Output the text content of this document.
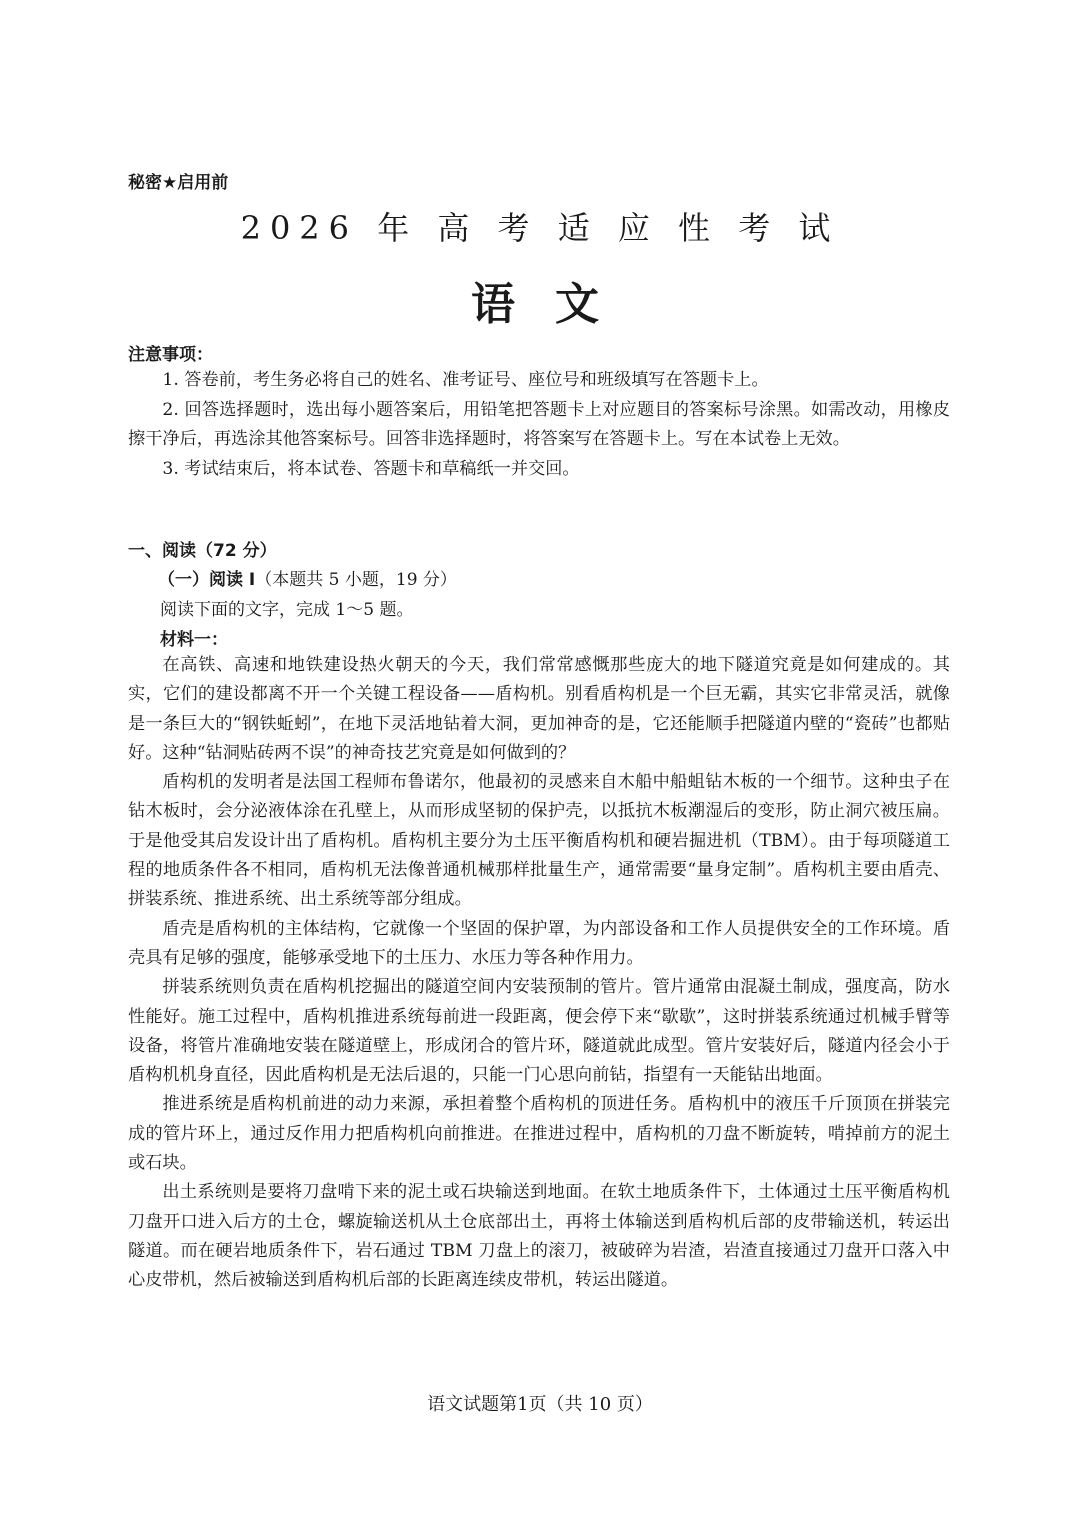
秘密★启用前
2026 年 高 考 适 应 性 考 试
语文
注意事项：

1. 答卷前，考生务必将自己的姓名、准考证号、座位号和班级填写在答题卡上。

2. 回答选择题时，选出每小题答案后，用铅笔把答题卡上对应题目的答案标号涂黑。如需改动，用橡皮擦干净后，再选涂其他答案标号。回答非选择题时，将答案写在答题卡上。写在本试卷上无效。

3. 考试结束后，将本试卷、答题卡和草稿纸一并交回。

一、阅读（72 分）
（一）阅读 I（本题共 5 小题，19 分）
阅读下面的文字，完成 1～5 题。
材料一：

在高铁、高速和地铁建设热火朝天的今天，我们常常感慨那些庞大的地下隧道究竟是如何建成的。其实，它们的建设都离不开一个关键工程设备——盾构机。别看盾构机是一个巨无霸，其实它非常灵活，就像是一条巨大的“钢铁蚯蚓”，在地下灵活地钻着大洞，更加神奇的是，它还能顺手把隧道内壁的“瓷砖”也都贴好。这种“钻洞贴砖两不误”的神奇技艺究竟是如何做到的？

盾构机的发明者是法国工程师布鲁诺尔，他最初的灵感来自木船中船蛆钻木板的一个细节。这种虫子在钻木板时，会分泌液体涂在孔壁上，从而形成坚韧的保护壳，以抵抗木板潮湿后的变形，防止洞穴被压扁。于是他受其启发设计出了盾构机。盾构机主要分为土压平衡盾构机和硬岩掘进机（TBM）。由于每项隧道工程的地质条件各不相同，盾构机无法像普通机械那样批量生产，通常需要“量身定制”。盾构机主要由盾壳、拼装系统、推进系统、出土系统等部分组成。

盾壳是盾构机的主体结构，它就像一个坚固的保护罩，为内部设备和工作人员提供安全的工作环境。盾壳具有足够的强度，能够承受地下的土压力、水压力等各种作用力。

拼装系统则负责在盾构机挖掘出的隧道空间内安装预制的管片。管片通常由混凝土制成，强度高，防水性能好。施工过程中，盾构机推进系统每前进一段距离，便会停下来“歇歇”，这时拼装系统通过机械手臂等设备，将管片准确地安装在隧道壁上，形成闭合的管片环，隧道就此成型。管片安装好后，隧道内径会小于盾构机机身直径，因此盾构机是无法后退的，只能一门心思向前钻，指望有一天能钻出地面。

推进系统是盾构机前进的动力来源，承担着整个盾构机的顶进任务。盾构机中的液压千斤顶顶在拼装完成的管片环上，通过反作用力把盾构机向前推进。在推进过程中，盾构机的刀盘不断旋转，啃掉前方的泥土或石块。

出土系统则是要将刀盘啃下来的泥土或石块输送到地面。在软土地质条件下，土体通过土压平衡盾构机刀盘开口进入后方的土仓，螺旋输送机从土仓底部出土，再将土体输送到盾构机后部的皮带输送机，转运出隧道。而在硬岩地质条件下，岩石通过 TBM 刀盘上的滚刀，被破碎为岩渣，岩渣直接通过刀盘开口落入中心皮带机，然后被输送到盾构机后部的长距离连续皮带机，转运出隧道。

语文试题第1页（共 10 页）
